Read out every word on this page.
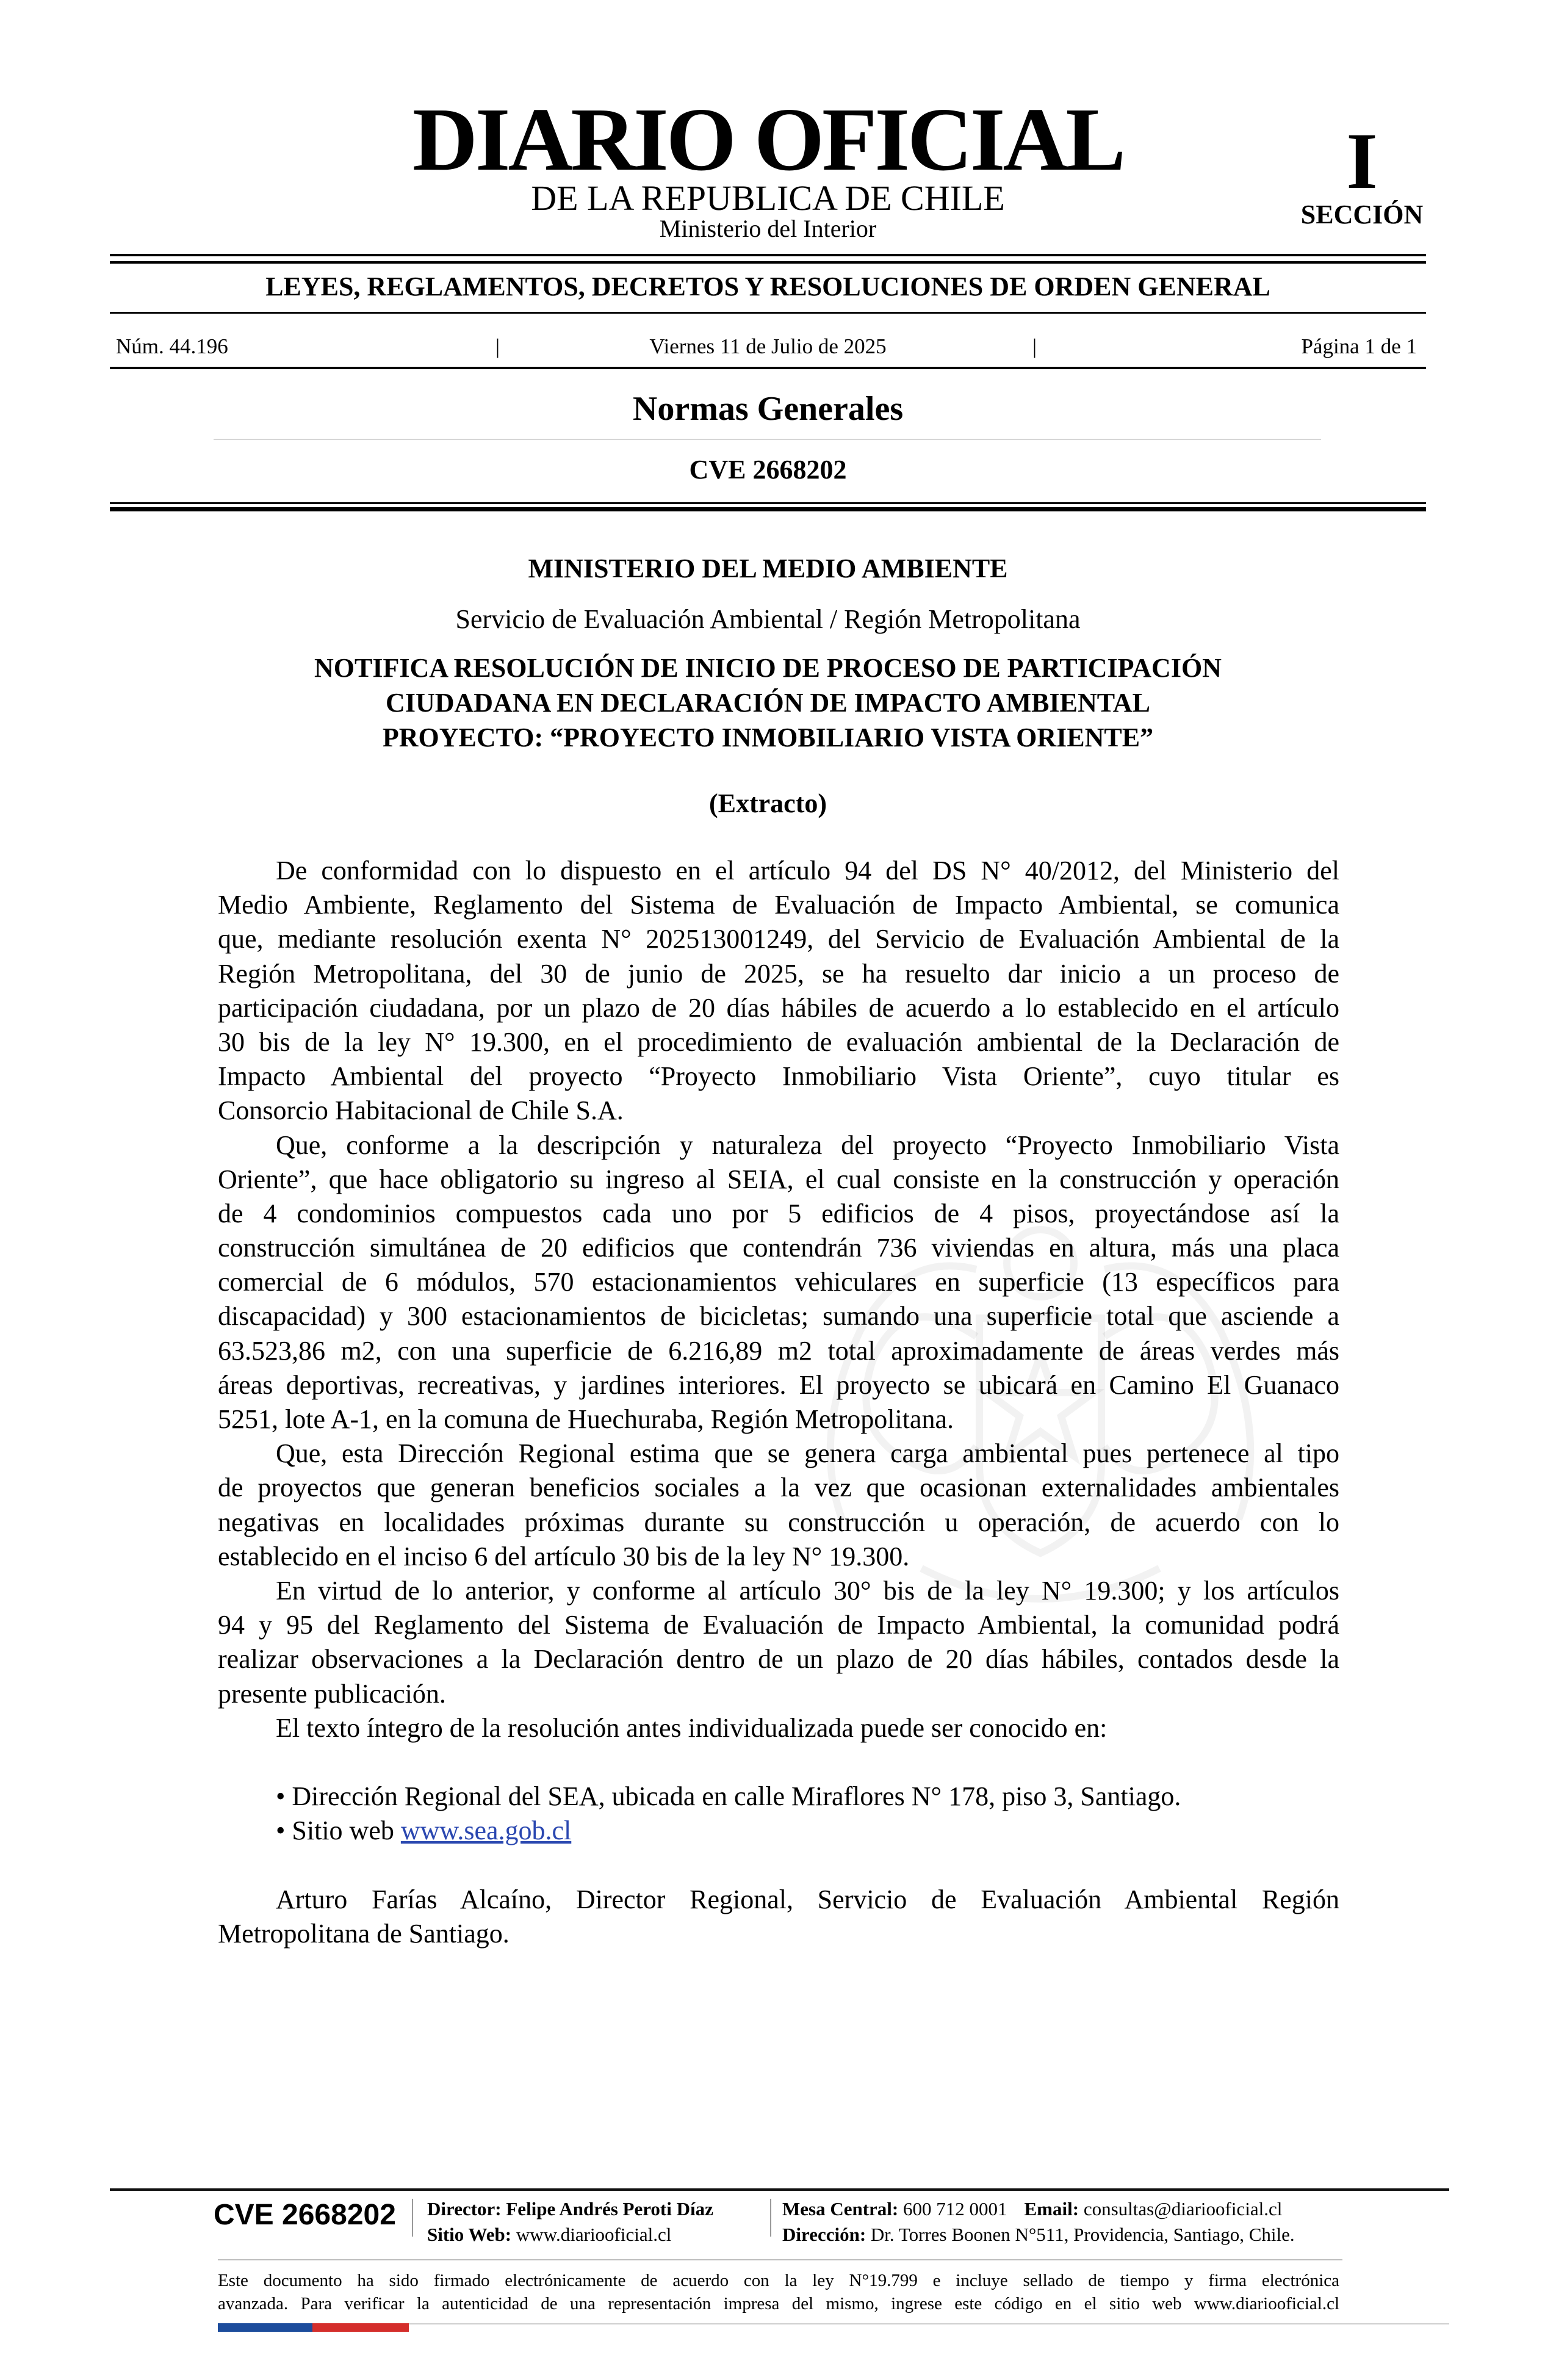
DIARIO OFICIAL
DE LA REPUBLICA DE CHILE
Ministerio del Interior
I
SECCIÓN
LEYES, REGLAMENTOS, DECRETOS Y RESOLUCIONES DE ORDEN GENERAL
Núm. 44.196	|	Viernes 11 de Julio de 2025	|	Página 1 de 1
Normas Generales
CVE 2668202
MINISTERIO DEL MEDIO AMBIENTE
Servicio de Evaluación Ambiental / Región Metropolitana
NOTIFICA RESOLUCIÓN DE INICIO DE PROCESO DE PARTICIPACIÓN
CIUDADANA EN DECLARACIÓN DE IMPACTO AMBIENTAL
PROYECTO: “PROYECTO INMOBILIARIO VISTA ORIENTE”
(Extracto)
De conformidad con lo dispuesto en el artículo 94 del DS N° 40/2012, del Ministerio del
Medio Ambiente, Reglamento del Sistema de Evaluación de Impacto Ambiental, se comunica
que, mediante resolución exenta N° 202513001249, del Servicio de Evaluación Ambiental de la
Región Metropolitana, del 30 de junio de 2025, se ha resuelto dar inicio a un proceso de
participación ciudadana, por un plazo de 20 días hábiles de acuerdo a lo establecido en el artículo
30 bis de la ley N° 19.300, en el procedimiento de evaluación ambiental de la Declaración de
Impacto Ambiental del proyecto “Proyecto Inmobiliario Vista Oriente”, cuyo titular es
Consorcio Habitacional de Chile S.A.
Que, conforme a la descripción y naturaleza del proyecto “Proyecto Inmobiliario Vista
Oriente”, que hace obligatorio su ingreso al SEIA, el cual consiste en la construcción y operación
de 4 condominios compuestos cada uno por 5 edificios de 4 pisos, proyectándose así la
construcción simultánea de 20 edificios que contendrán 736 viviendas en altura, más una placa
comercial de 6 módulos, 570 estacionamientos vehiculares en superficie (13 específicos para
discapacidad) y 300 estacionamientos de bicicletas; sumando una superficie total que asciende a
63.523,86 m2, con una superficie de 6.216,89 m2 total aproximadamente de áreas verdes más
áreas deportivas, recreativas, y jardines interiores. El proyecto se ubicará en Camino El Guanaco
5251, lote A-1, en la comuna de Huechuraba, Región Metropolitana.
Que, esta Dirección Regional estima que se genera carga ambiental pues pertenece al tipo
de proyectos que generan beneficios sociales a la vez que ocasionan externalidades ambientales
negativas en localidades próximas durante su construcción u operación, de acuerdo con lo
establecido en el inciso 6 del artículo 30 bis de la ley N° 19.300.
En virtud de lo anterior, y conforme al artículo 30° bis de la ley N° 19.300; y los artículos
94 y 95 del Reglamento del Sistema de Evaluación de Impacto Ambiental, la comunidad podrá
realizar observaciones a la Declaración dentro de un plazo de 20 días hábiles, contados desde la
presente publicación.
El texto íntegro de la resolución antes individualizada puede ser conocido en:
• Dirección Regional del SEA, ubicada en calle Miraflores N° 178, piso 3, Santiago.
• Sitio web www.sea.gob.cl
Arturo Farías Alcaíno, Director Regional, Servicio de Evaluación Ambiental Región
Metropolitana de Santiago.
CVE 2668202 Director: Felipe Andrés Peroti Díaz
Sitio Web: www.diariooficial.cl
Mesa Central: 600 712 0001 Email: consultas@diariooficial.cl
Dirección: Dr. Torres Boonen N°511, Providencia, Santiago, Chile.
Este documento ha sido firmado electrónicamente de acuerdo con la ley N°19.799 e incluye sellado de tiempo y firma electrónica
avanzada. Para verificar la autenticidad de una representación impresa del mismo, ingrese este código en el sitio web www.diariooficial.cl
